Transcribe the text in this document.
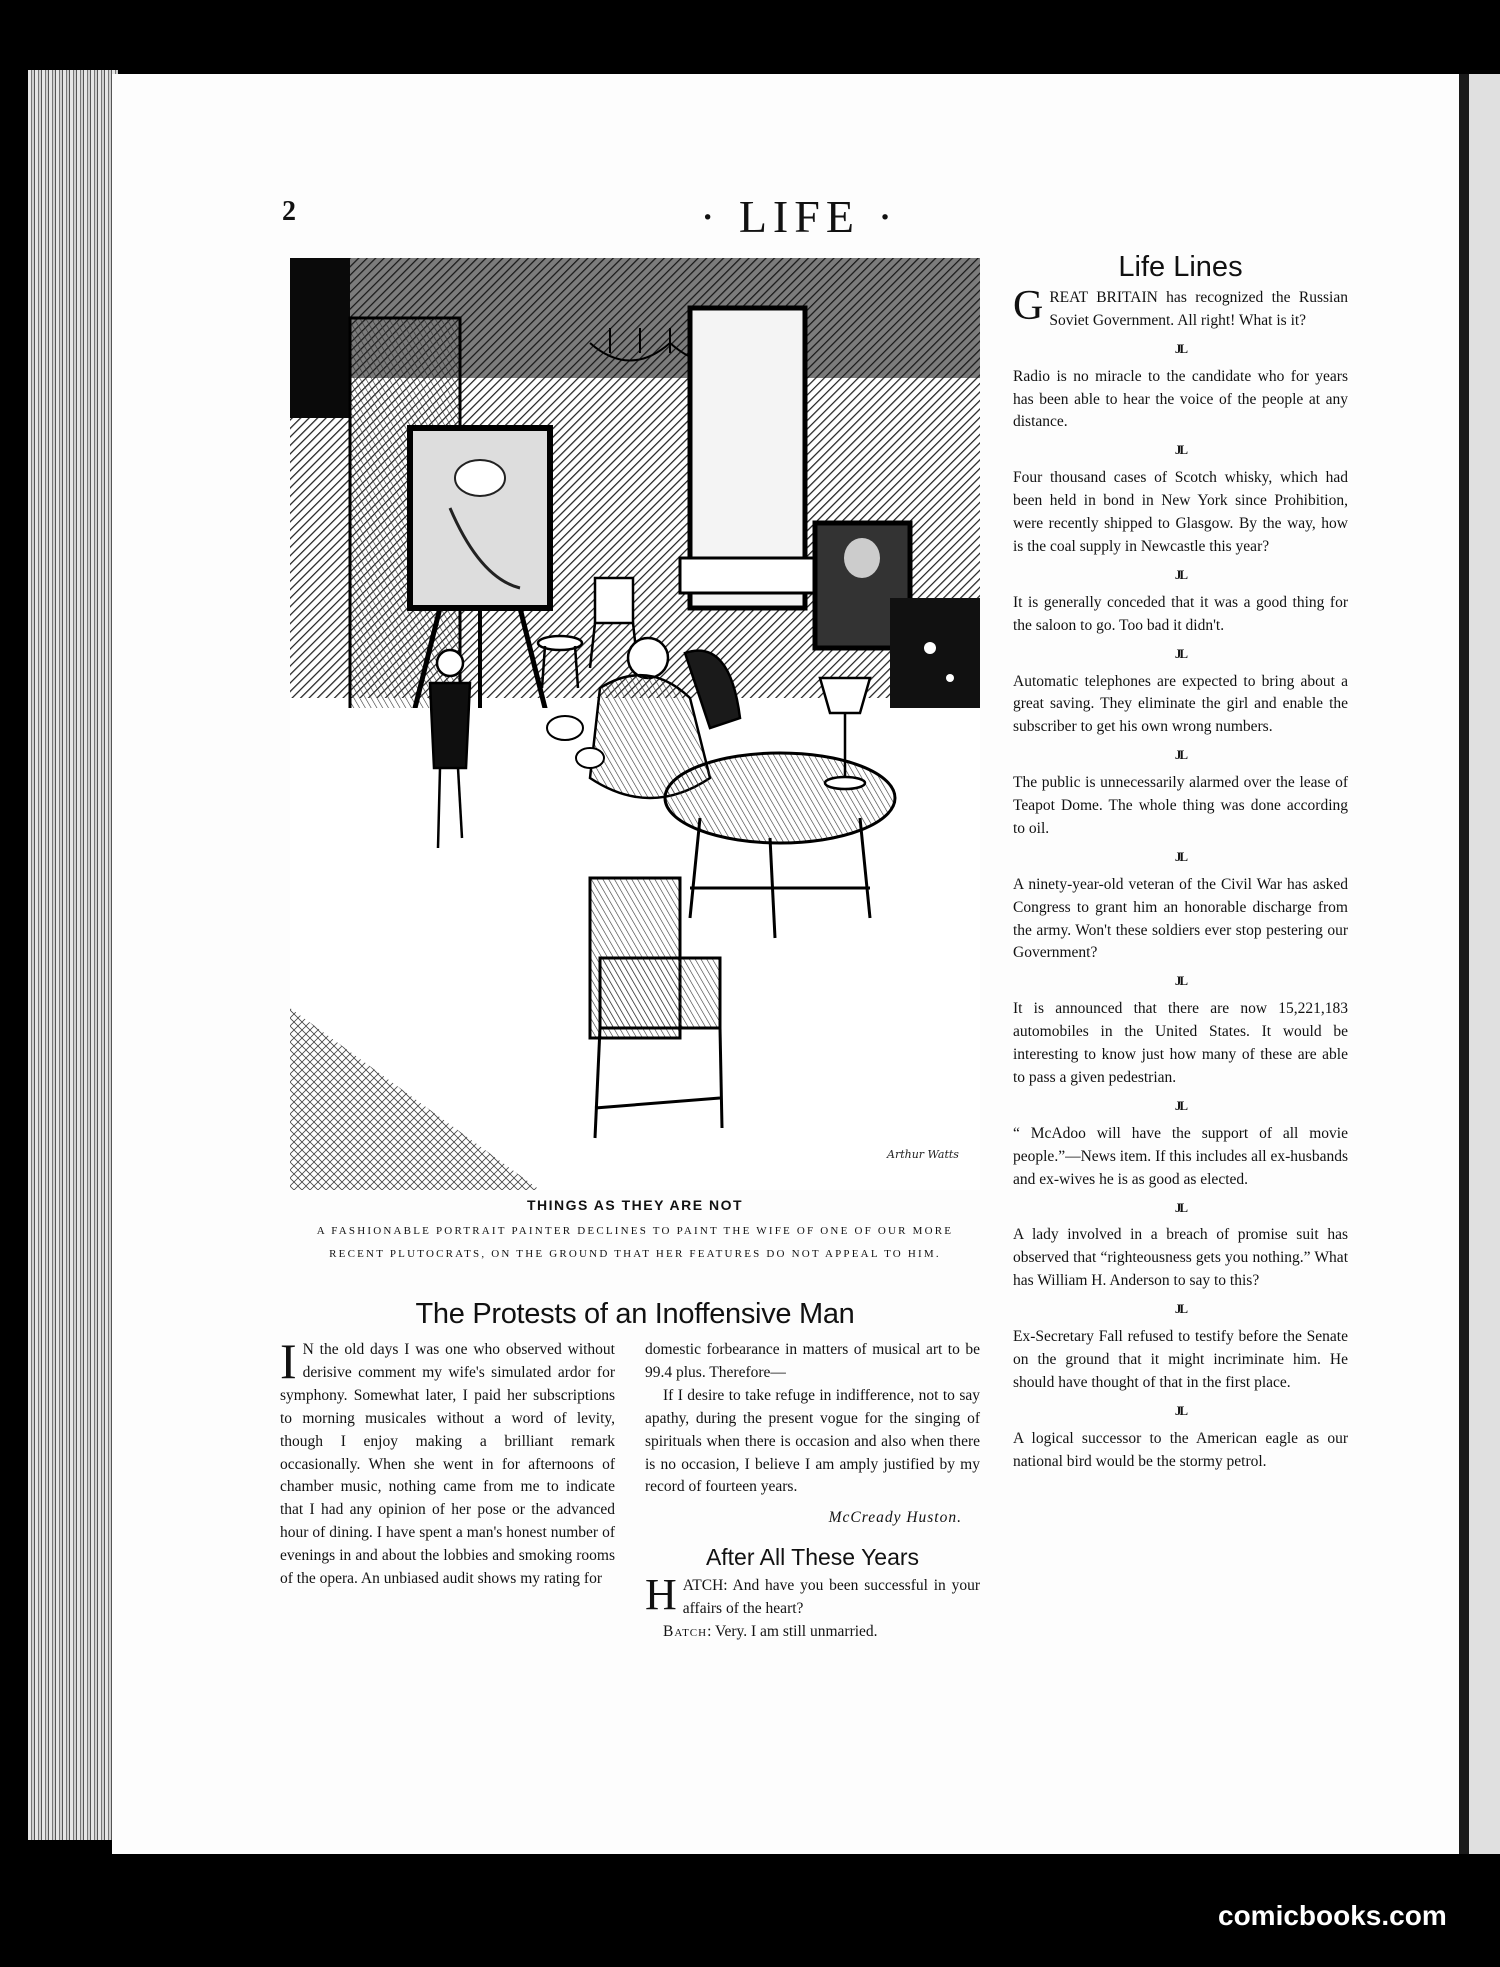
2	· LIFE ·
Arthur Watts
THINGS AS THEY ARE NOT
A FASHIONABLE PORTRAIT PAINTER DECLINES TO PAINT THE WIFE OF ONE OF OUR MORE RECENT PLUTOCRATS, ON THE GROUND THAT HER FEATURES DO NOT APPEAL TO HIM.
The Protests of an Inoffensive Man

I N the old days I was one who observed without derisive comment my wife's simulated ardor for symphony. Somewhat later, I paid her subscriptions to morning musicales without a word of levity, though I enjoy making a brilliant remark occasionally. When she went in for afternoons of chamber music, nothing came from me to indicate that I had any opinion of her pose or the advanced hour of dining. I have spent a man's honest number of evenings in and about the lobbies and smoking rooms of the opera. An unbiased audit shows my rating for

domestic forbearance in matters of musical art to be 99.4 plus. Therefore—

If I desire to take refuge in indifference, not to say apathy, during the present vogue for the singing of spirituals when there is occasion and also when there is no occasion, I believe I am amply justified by my record of fourteen years.

McCready Huston.

After All These Years

HATCH: And have you been successful in your affairs of the heart?

Batch: Very. I am still unmarried.

Life Lines

GREAT BRITAIN has recognized the Russian Soviet Government. All right! What is it?

JL

Radio is no miracle to the candidate who for years has been able to hear the voice of the people at any distance.

JL

Four thousand cases of Scotch whisky, which had been held in bond in New York since Prohibition, were recently shipped to Glasgow. By the way, how is the coal supply in Newcastle this year?

JL

It is generally conceded that it was a good thing for the saloon to go. Too bad it didn't.

JL

Automatic telephones are expected to bring about a great saving. They eliminate the girl and enable the subscriber to get his own wrong numbers.

JL

The public is unnecessarily alarmed over the lease of Teapot Dome. The whole thing was done according to oil.

JL

A ninety-year-old veteran of the Civil War has asked Congress to grant him an honorable discharge from the army. Won't these soldiers ever stop pestering our Government?

JL

It is announced that there are now 15,221,183 automobiles in the United States. It would be interesting to know just how many of these are able to pass a given pedestrian.

JL

“ McAdoo will have the support of all movie people.”—News item. If this includes all ex-husbands and ex-wives he is as good as elected.

JL

A lady involved in a breach of promise suit has observed that “righteousness gets you nothing.” What has William H. Anderson to say to this?

JL

Ex-Secretary Fall refused to testify before the Senate on the ground that it might incriminate him. He should have thought of that in the first place.

JL

A logical successor to the American eagle as our national bird would be the stormy petrol.

comicbooks.com
